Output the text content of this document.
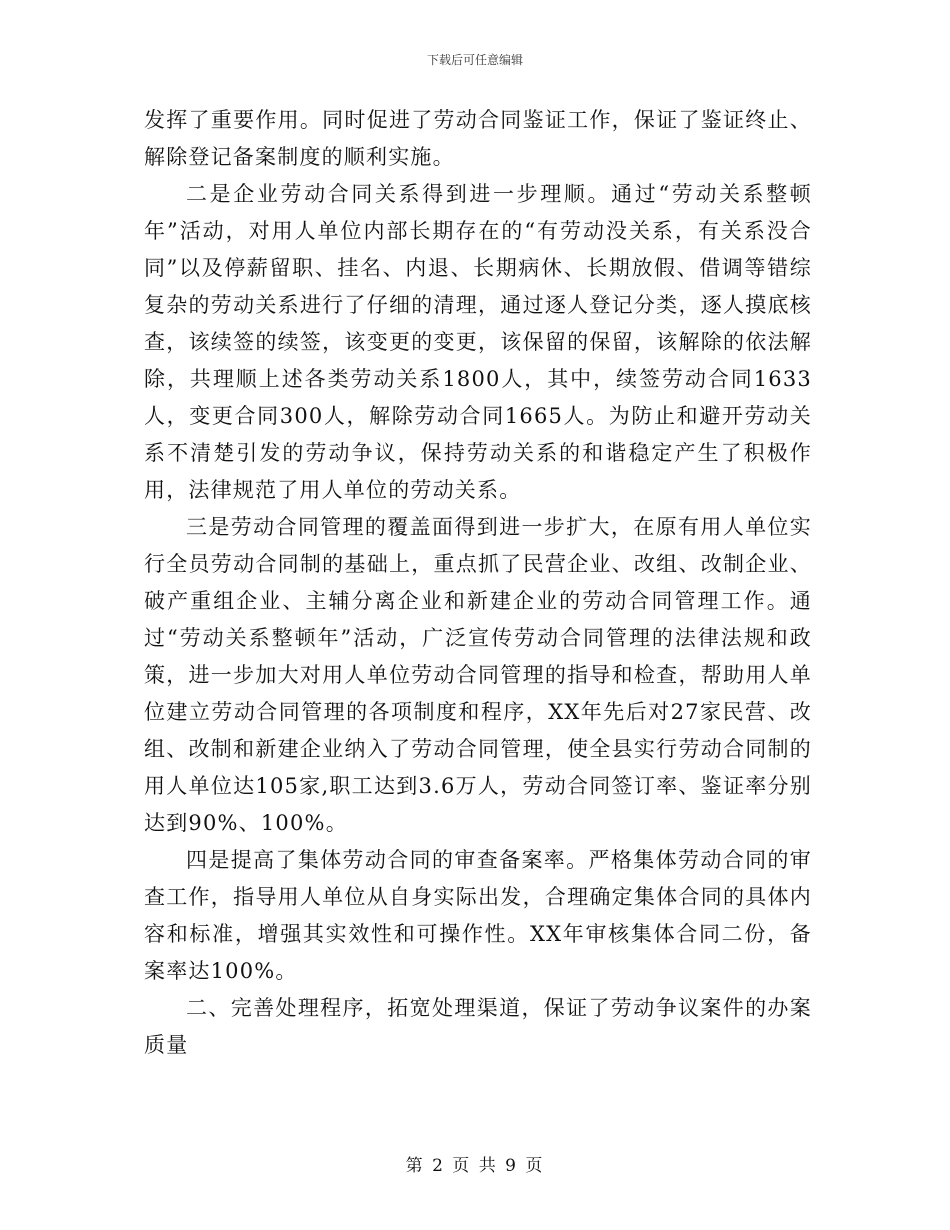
下载后可任意编辑

发挥了重要作用。同时促进了劳动合同鉴证工作，保证了鉴证终止、解除登记备案制度的顺利实施。

二是企业劳动合同关系得到进一步理顺。通过“劳动关系整顿年”活动，对用人单位内部长期存在的“有劳动没关系，有关系没合同”以及停薪留职、挂名、内退、长期病休、长期放假、借调等错综复杂的劳动关系进行了仔细的清理，通过逐人登记分类，逐人摸底核查，该续签的续签，该变更的变更，该保留的保留，该解除的依法解除，共理顺上述各类劳动关系1800人，其中，续签劳动合同1633人，变更合同300人，解除劳动合同1665人。为防止和避开劳动关系不清楚引发的劳动争议，保持劳动关系的和谐稳定产生了积极作用，法律规范了用人单位的劳动关系。

三是劳动合同管理的覆盖面得到进一步扩大，在原有用人单位实行全员劳动合同制的基础上，重点抓了民营企业、改组、改制企业、破产重组企业、主辅分离企业和新建企业的劳动合同管理工作。通过“劳动关系整顿年”活动，广泛宣传劳动合同管理的法律法规和政策，进一步加大对用人单位劳动合同管理的指导和检查，帮助用人单位建立劳动合同管理的各项制度和程序，XX年先后对27家民营、改组、改制和新建企业纳入了劳动合同管理，使全县实行劳动合同制的用人单位达105家,职工达到3.6万人，劳动合同签订率、鉴证率分别达到90%、100%。

四是提高了集体劳动合同的审查备案率。严格集体劳动合同的审查工作，指导用人单位从自身实际出发，合理确定集体合同的具体内容和标准，增强其实效性和可操作性。XX年审核集体合同二份，备案率达100%。

二、完善处理程序，拓宽处理渠道，保证了劳动争议案件的办案质量

第 2 页 共 9 页
